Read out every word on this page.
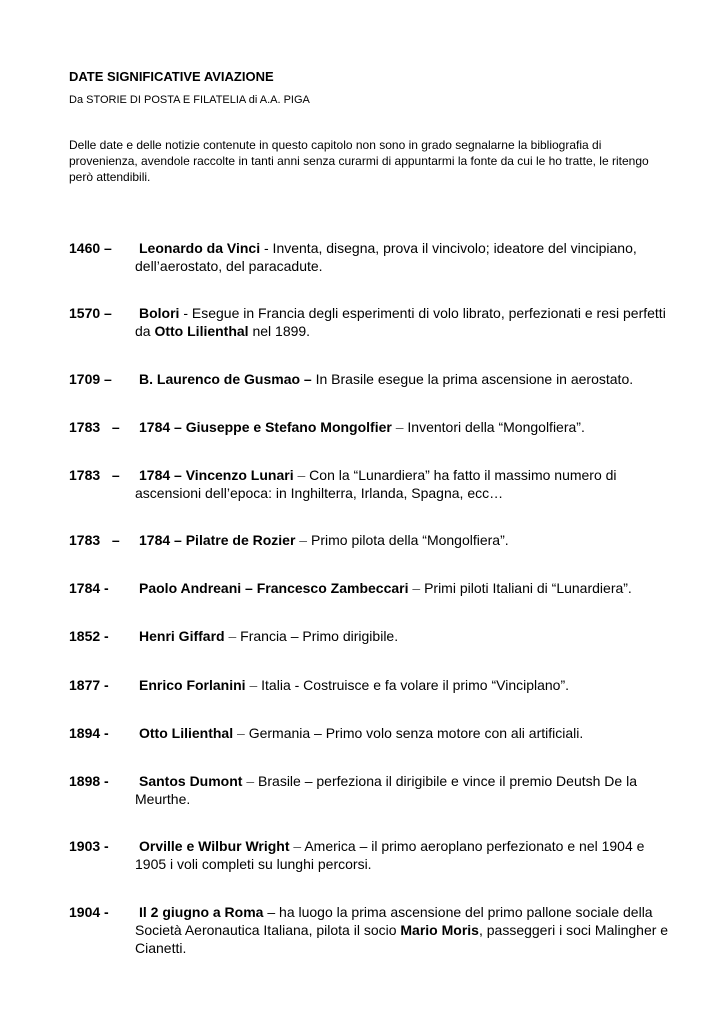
DATE SIGNIFICATIVE AVIAZIONE
Da STORIE DI POSTA E FILATELIA di A.A. PIGA
Delle date e delle notizie contenute in questo capitolo non sono in grado segnalarne la bibliografia di provenienza, avendole raccolte in tanti anni senza curarmi di appuntarmi la fonte da cui le ho tratte, le ritengo però attendibili.
1460 – Leonardo da Vinci - Inventa, disegna, prova il vincivolo; ideatore del vincipiano, dell’aerostato, del paracadute.
1570 – Bolori - Esegue in Francia degli esperimenti di volo librato, perfezionati e resi perfetti da Otto Lilienthal nel 1899.
1709 – B. Laurenco de Gusmao – In Brasile esegue la prima ascensione in aerostato.
1783   – 1784 – Giuseppe e Stefano Mongolfier – Inventori della “Mongolfiera”.
1783   – 1784 – Vincenzo Lunari – Con la “Lunardiera” ha fatto il massimo numero di ascensioni dell’epoca: in Inghilterra, Irlanda, Spagna, ecc…
1783   – 1784 – Pilatre de Rozier – Primo pilota della “Mongolfiera”.
1784 - Paolo Andreani – Francesco Zambeccari – Primi piloti Italiani di “Lunardiera”.
1852 - Henri Giffard – Francia – Primo dirigibile.
1877 - Enrico Forlanini – Italia - Costruisce e fa volare il primo “Vinciplano”.
1894 - Otto Lilienthal – Germania – Primo volo senza motore con ali artificiali.
1898 - Santos Dumont – Brasile – perfeziona il dirigibile e vince il premio Deutsh De la Meurthe.
1903 - Orville e Wilbur Wright – America – il primo aeroplano perfezionato e nel 1904 e 1905 i voli completi su lunghi percorsi.
1904 - Il 2 giugno a Roma – ha luogo la prima ascensione del primo pallone sociale della Società Aeronautica Italiana, pilota il socio Mario Moris, passeggeri i soci Malingher e Cianetti.
